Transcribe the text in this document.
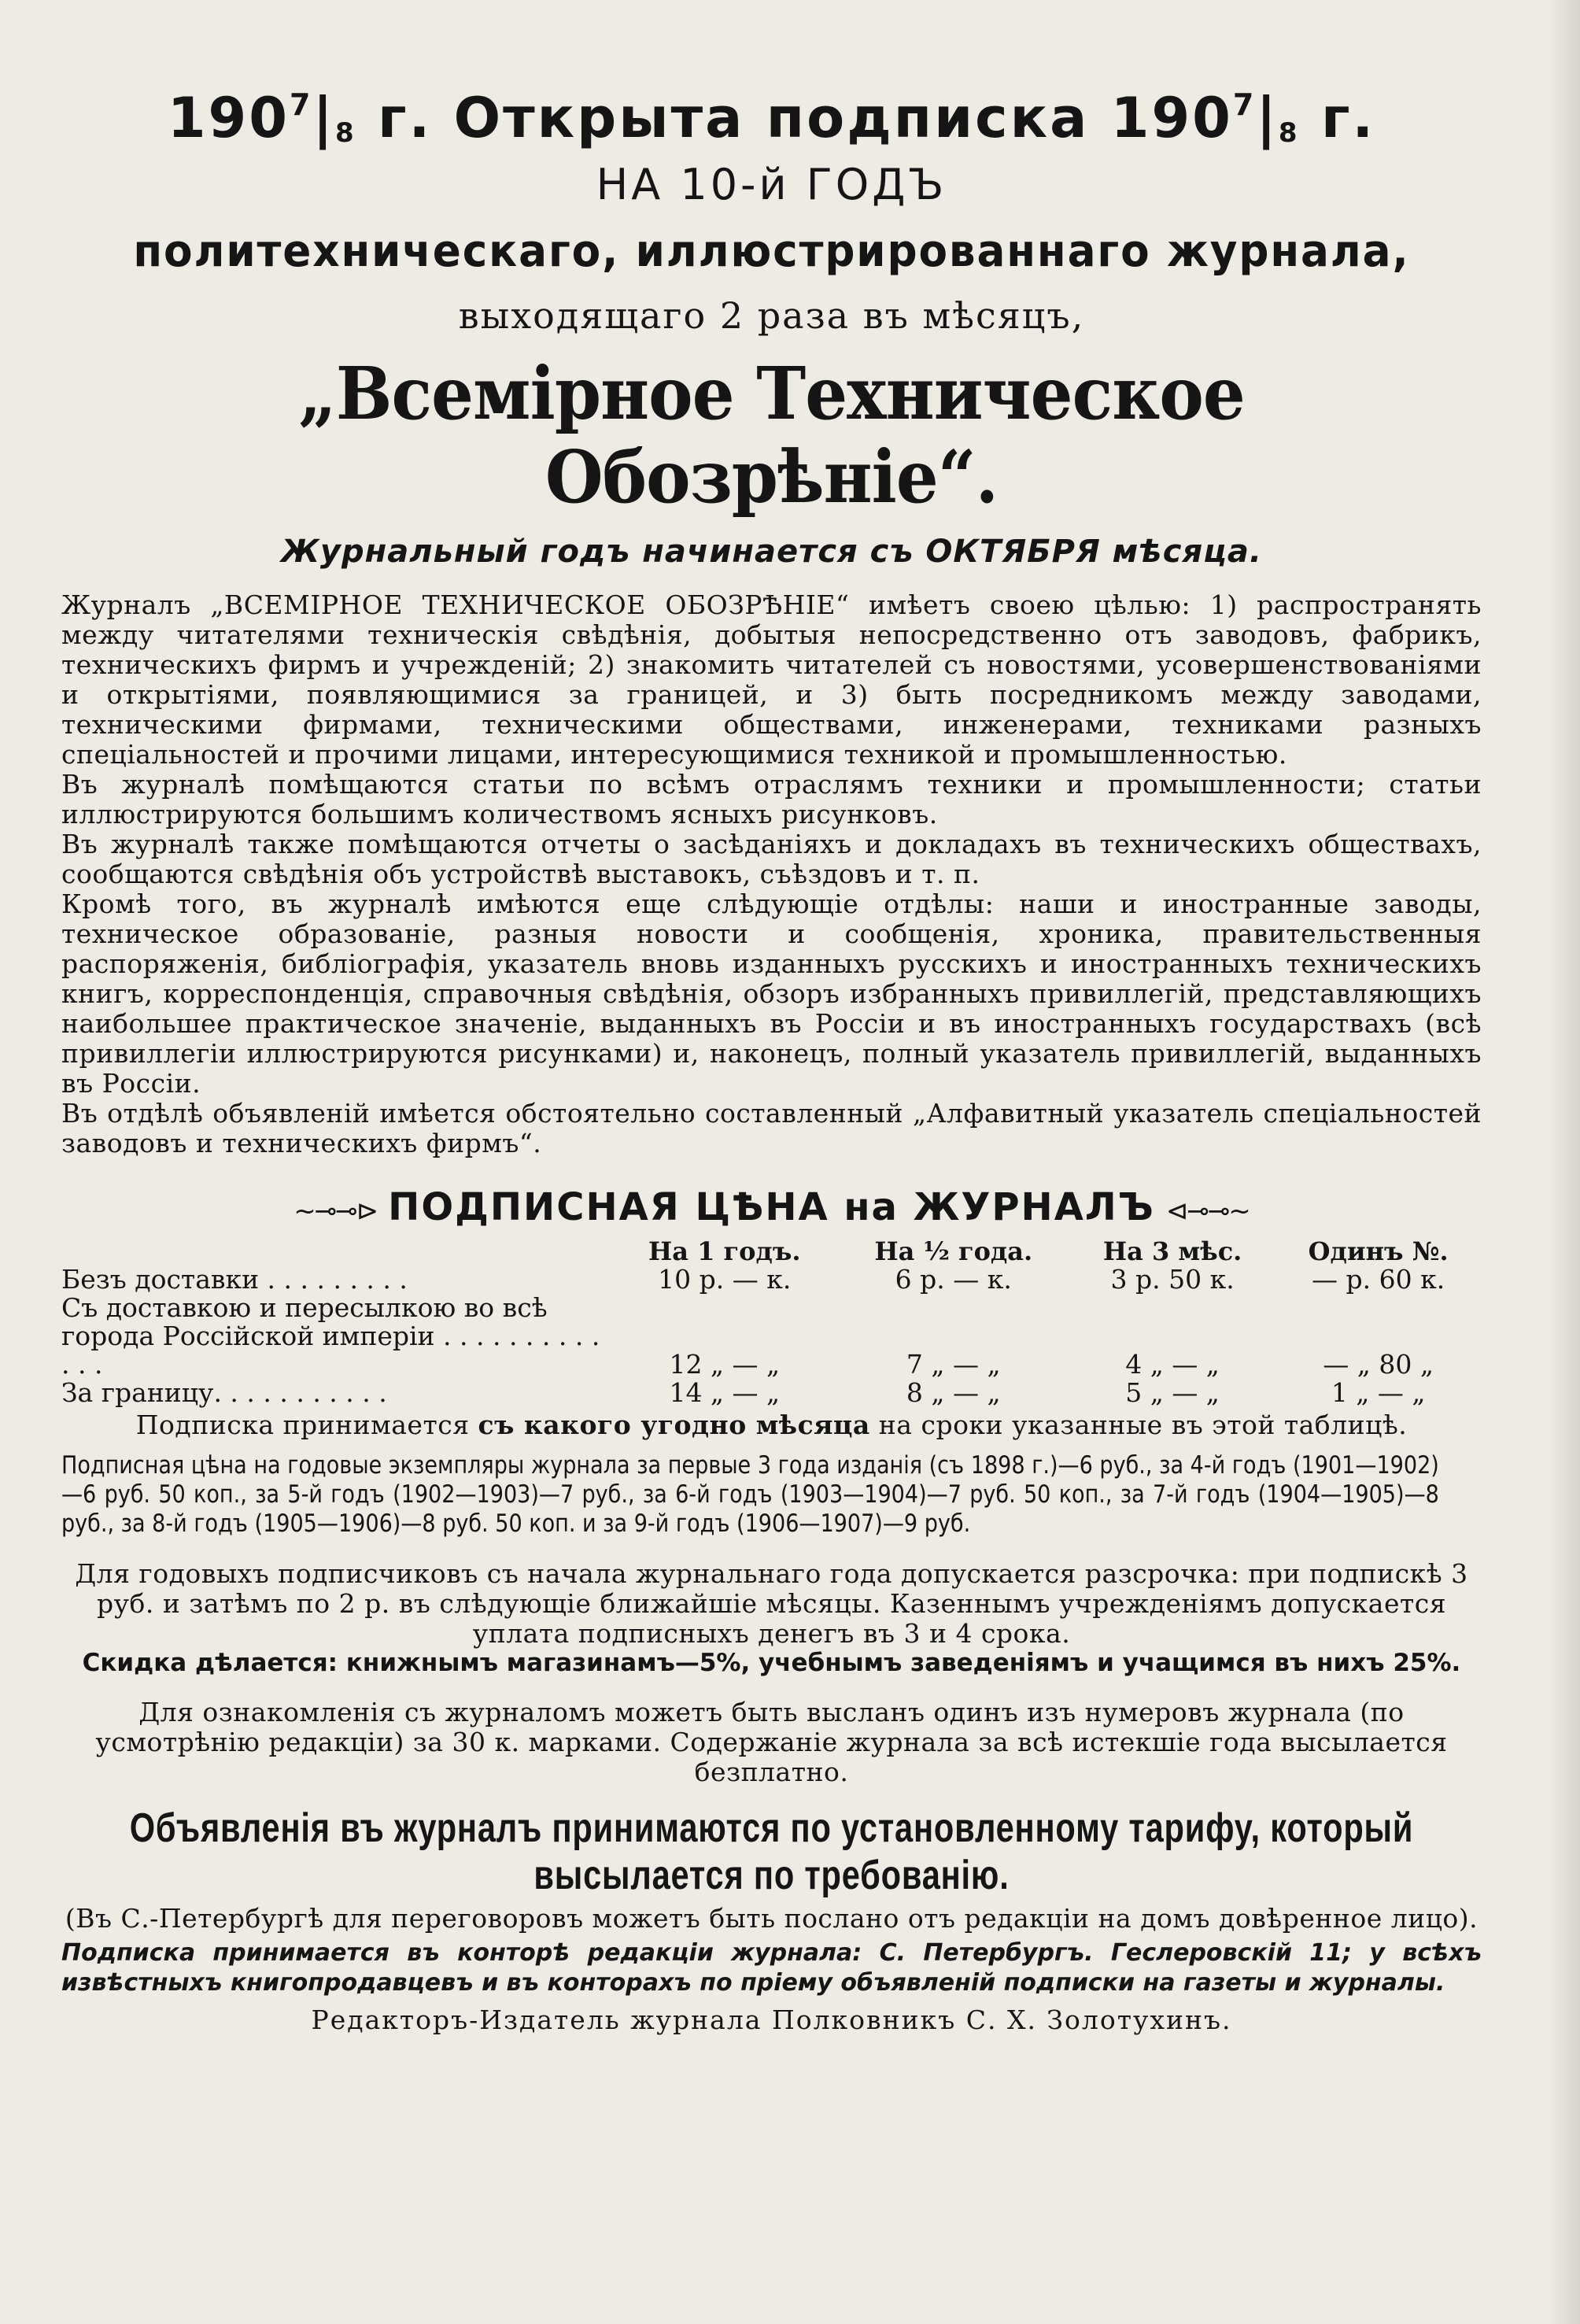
$190^7|_8$ г. Открыта подписка $190^7|_8$ г.
НА 10-й ГОДЪ
политехническаго, иллюстрированнаго журнала,
выходящаго 2 раза въ мѣсяцъ,
„Всемірное Техническое Обозрѣніе“.
Журнальный годъ начинается съ ОКТЯБРЯ мѣсяца.

Журналъ „ВСЕМІРНОЕ ТЕХНИЧЕСКОЕ ОБОЗРѢНІЕ“ имѣетъ своею цѣлью: 1) распространять между читателями техническія свѣдѣнія, добытыя непосредственно отъ заводовъ, фабрикъ, техническихъ фирмъ и учрежденій; 2) знакомить читателей съ новостями, усовершенствованіями и открытіями, появляющимися за границей, и 3) быть посредникомъ между заводами, техническими фирмами, техническими обществами, инженерами, техниками разныхъ спеціальностей и прочими лицами, интересующимися техникой и промышленностью.

Въ журналѣ помѣщаются статьи по всѣмъ отраслямъ техники и промышленности; статьи иллюстрируются большимъ количествомъ ясныхъ рисунковъ.

Въ журналѣ также помѣщаются отчеты о засѣданіяхъ и докладахъ въ техническихъ обществахъ, сообщаются свѣдѣнія объ устройствѣ выставокъ, съѣздовъ и т. п.

Кромѣ того, въ журналѣ имѣются еще слѣдующіе отдѣлы: наши и иностранные заводы, техническое образованіе, разныя новости и сообщенія, хроника, правительственныя распоряженія, библіографія, указатель вновь изданныхъ русскихъ и иностранныхъ техническихъ книгъ, корреспонденція, справочныя свѣдѣнія, обзоръ избранныхъ привиллегій, представляющихъ наибольшее практическое значеніе, выданныхъ въ Россіи и въ иностранныхъ государствахъ (всѣ привиллегіи иллюстрируются рисунками) и, наконецъ, полный указатель привиллегій, выданныхъ въ Россіи.

Въ отдѣлѣ объявленій имѣется обстоятельно составленный „Алфавитный указатель спеціальностей заводовъ и техническихъ фирмъ“.

~⊸⊸⊳ ПОДПИСНАЯ ЦѢНА на ЖУРНАЛЪ ⊲⊸⊸~
	На 1 годъ.	На ½ года.	На 3 мѣс.	Одинъ №.
Безъ доставки . . . . . . . . .	10 р. — к.	6 р. — к.	3 р. 50 к.	— р. 60 к.
Съ доставкою и пересылкою во всѣ города Россійской имперіи . . . . . . . . . . . . .	12 „ — „	7 „ — „	4 „ — „	— „ 80 „
За границу. . . . . . . . . . .	14 „ — „	8 „ — „	5 „ — „	1 „ — „
Подписка принимается съ какого угодно мѣсяца на сроки указанные въ этой таблицѣ.
Подписная цѣна на годовые экземпляры журнала за первые 3 года изданія (съ 1898 г.)—6 руб., за 4-й годъ (1901—1902)—6 руб. 50 коп., за 5-й годъ (1902—1903)—7 руб., за 6-й годъ (1903—1904)—7 руб. 50 коп., за 7-й годъ (1904—1905)—8 руб., за 8-й годъ (1905—1906)—8 руб. 50 коп. и за 9-й годъ (1906—1907)—9 руб.
Для годовыхъ подписчиковъ съ начала журнальнаго года допускается разсрочка: при подпискѣ 3 руб. и затѣмъ по 2 р. въ слѣдующіе ближайшіе мѣсяцы. Казеннымъ учрежденіямъ допускается уплата подписныхъ денегъ въ 3 и 4 срока.
Скидка дѣлается: книжнымъ магазинамъ—5%, учебнымъ заведеніямъ и учащимся въ нихъ 25%.
Для ознакомленія съ журналомъ можетъ быть высланъ одинъ изъ нумеровъ журнала (по усмотрѣнію редакціи) за 30 к. марками. Содержаніе журнала за всѣ истекшіе года высылается безплатно.
Объявленія въ журналъ принимаются по установленному тарифу, который высылается по требованію.
(Въ С.-Петербургѣ для переговоровъ можетъ быть послано отъ редакціи на домъ довѣренное лицо).
Подписка принимается въ конторѣ редакціи журнала: С. Петербургъ. Геслеровскій 11; у всѣхъ извѣстныхъ книгопродавцевъ и въ конторахъ по пріему объявленій подписки на газеты и журналы.
Редакторъ-Издатель журнала Полковникъ С. Х. Золотухинъ.
